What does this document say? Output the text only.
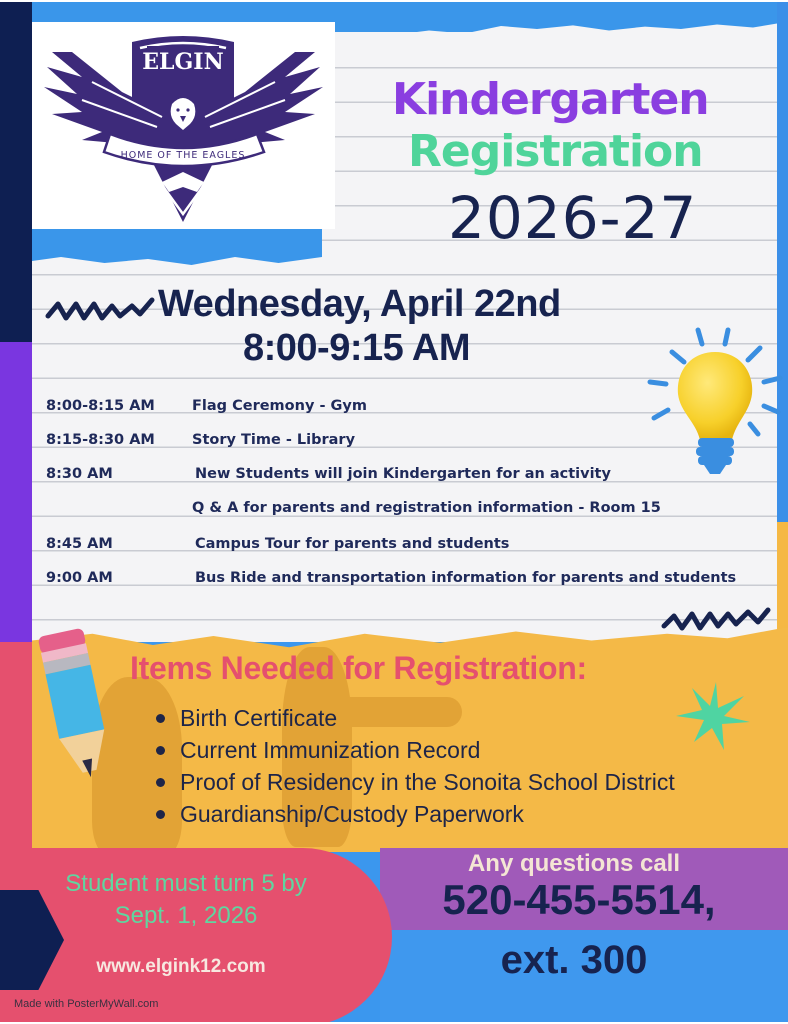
ELGIN
HOME OF THE EAGLES
Kindergarten
Registration
2026-27
Wednesday, April 22nd
8:00-9:15 AM
8:00-8:15 AM	Flag Ceremony - Gym
8:15-8:30 AM	Story Time - Library
8:30 AM	New Students will join Kindergarten for an activity
Q & A for parents and registration information - Room 15
8:45 AM	Campus Tour for parents and students
9:00 AM	Bus Ride and transportation information for parents and students
Items Needed for Registration:
Birth Certificate
Current Immunization Record
Proof of Residency in the Sonoita School District
Guardianship/Custody Paperwork
Student must turn 5 by
Sept. 1, 2026
www.elgink12.com
Made with PosterMyWall.com
Any questions call
520-455-5514,
ext. 300
